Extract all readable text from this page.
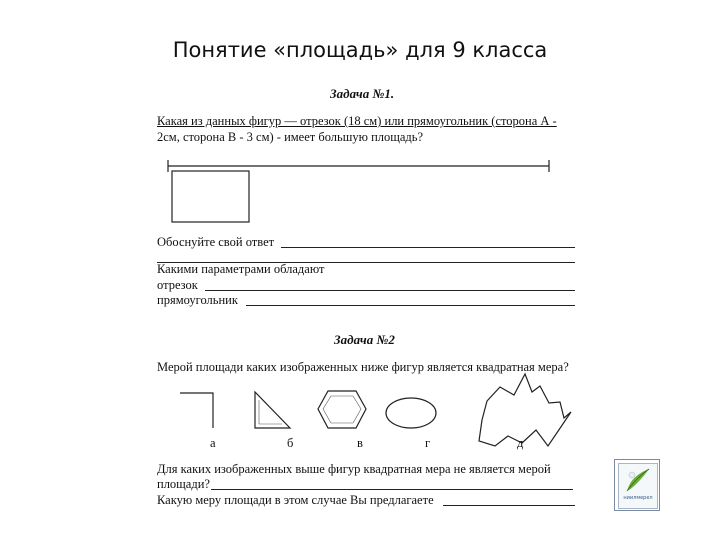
Понятие «площадь» для 9 класса
Задача №1.
Какая из данных фигур — отрезок (18 см) или прямоугольник (сторона А -
2см, сторона В - 3 см) - имеет большую площадь?
Обоснуйте свой ответ
Какими параметрами обладают
отрезок
прямоугольник
Задача №2
Мерой площади каких изображенных ниже фигур является квадратная мера?
а	б	в	г	д
Для каких изображенных выше фигур квадратная мера не является мерой
площади?
Какую меру площади в этом случае Вы предлагаете	ниилмерел
